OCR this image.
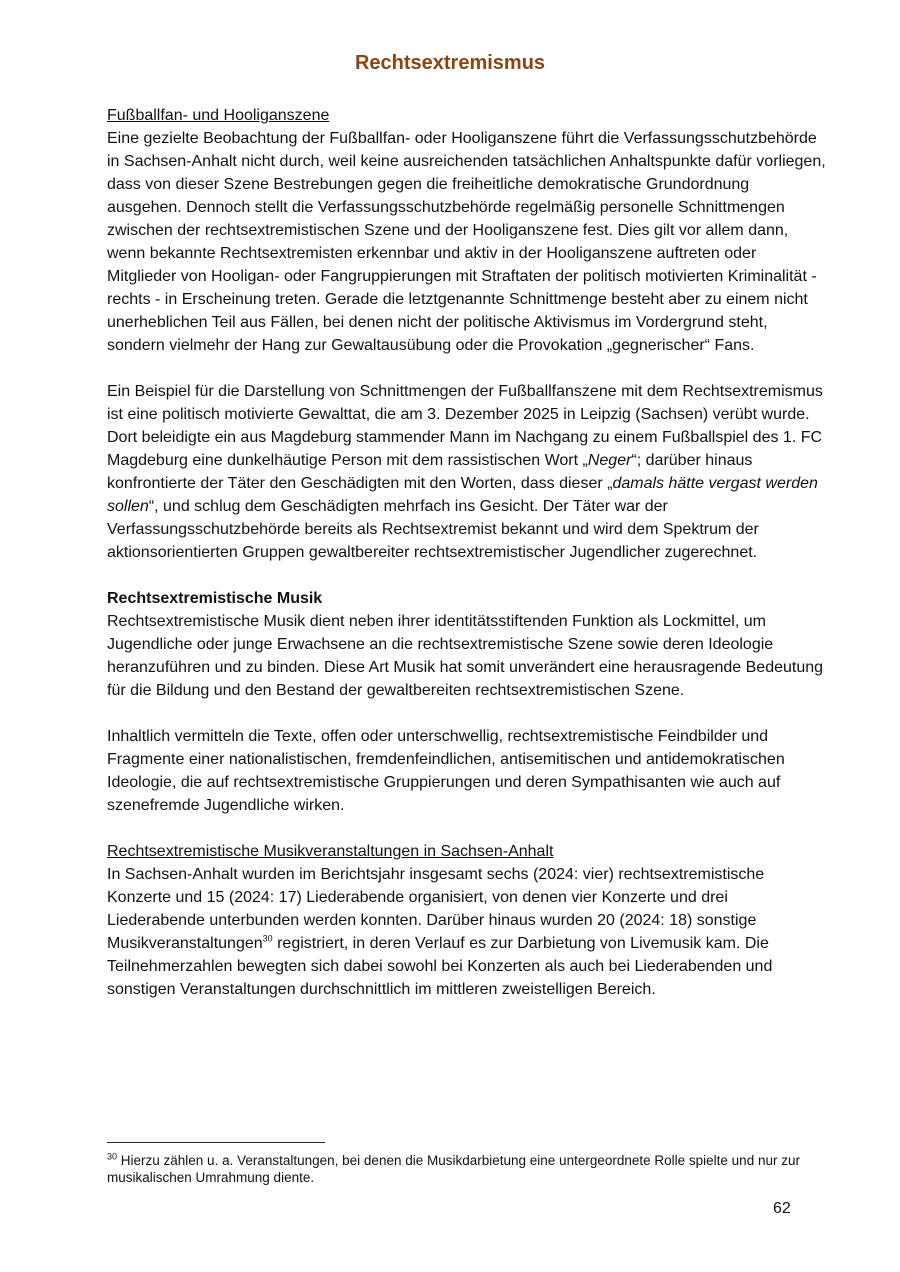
Rechtsextremismus
Fußballfan- und Hooliganszene

Eine gezielte Beobachtung der Fußballfan- oder Hooliganszene führt die Verfassungsschutzbehörde in Sachsen-Anhalt nicht durch, weil keine ausreichenden tatsächlichen Anhaltspunkte dafür vorliegen, dass von dieser Szene Bestrebungen gegen die freiheitliche demokratische Grundordnung ausgehen. Dennoch stellt die Verfassungsschutzbehörde regelmäßig personelle Schnittmengen zwischen der rechtsextremistischen Szene und der Hooliganszene fest. Dies gilt vor allem dann, wenn bekannte Rechtsextremisten erkennbar und aktiv in der Hooliganszene auftreten oder Mitglieder von Hooligan- oder Fangruppierungen mit Straftaten der politisch motivierten Kriminalität - rechts - in Erscheinung treten. Gerade die letztgenannte Schnittmenge besteht aber zu einem nicht unerheblichen Teil aus Fällen, bei denen nicht der politische Aktivismus im Vordergrund steht, sondern vielmehr der Hang zur Gewaltausübung oder die Provokation „gegnerischer“ Fans.

Ein Beispiel für die Darstellung von Schnittmengen der Fußballfanszene mit dem Rechtsextremismus ist eine politisch motivierte Gewalttat, die am 3. Dezember 2025 in Leipzig (Sachsen) verübt wurde. Dort beleidigte ein aus Magdeburg stammender Mann im Nachgang zu einem Fußballspiel des 1. FC Magdeburg eine dunkelhäutige Person mit dem rassistischen Wort „Neger“; darüber hinaus konfrontierte der Täter den Geschädigten mit den Worten, dass dieser „damals hätte vergast werden sollen“, und schlug dem Geschädigten mehrfach ins Gesicht. Der Täter war der Verfassungsschutzbehörde bereits als Rechtsextremist bekannt und wird dem Spektrum der aktionsorientierten Gruppen gewaltbereiter rechtsextremistischer Jugendlicher zugerechnet.

Rechtsextremistische Musik

Rechtsextremistische Musik dient neben ihrer identitätsstiftenden Funktion als Lockmittel, um Jugendliche oder junge Erwachsene an die rechtsextremistische Szene sowie deren Ideologie heranzuführen und zu binden. Diese Art Musik hat somit unverändert eine herausragende Bedeutung für die Bildung und den Bestand der gewaltbereiten rechtsextremistischen Szene.

Inhaltlich vermitteln die Texte, offen oder unterschwellig, rechtsextremistische Feindbilder und Fragmente einer nationalistischen, fremdenfeindlichen, antisemitischen und antidemokratischen Ideologie, die auf rechtsextremistische Gruppierungen und deren Sympathisanten wie auch auf szenefremde Jugendliche wirken.

Rechtsextremistische Musikveranstaltungen in Sachsen-Anhalt

In Sachsen-Anhalt wurden im Berichtsjahr insgesamt sechs (2024: vier) rechtsextremistische Konzerte und 15 (2024: 17) Liederabende organisiert, von denen vier Konzerte und drei Liederabende unterbunden werden konnten. Darüber hinaus wurden 20 (2024: 18) sonstige Musikveranstaltungen$^{30}$ registriert, in deren Verlauf es zur Darbietung von Livemusik kam. Die Teilnehmerzahlen bewegten sich dabei sowohl bei Konzerten als auch bei Liederabenden und sonstigen Veranstaltungen durchschnittlich im mittleren zweistelligen Bereich.

$^{30}$ Hierzu zählen u. a. Veranstaltungen, bei denen die Musikdarbietung eine untergeordnete Rolle spielte und nur zur musikalischen Umrahmung diente.
62
